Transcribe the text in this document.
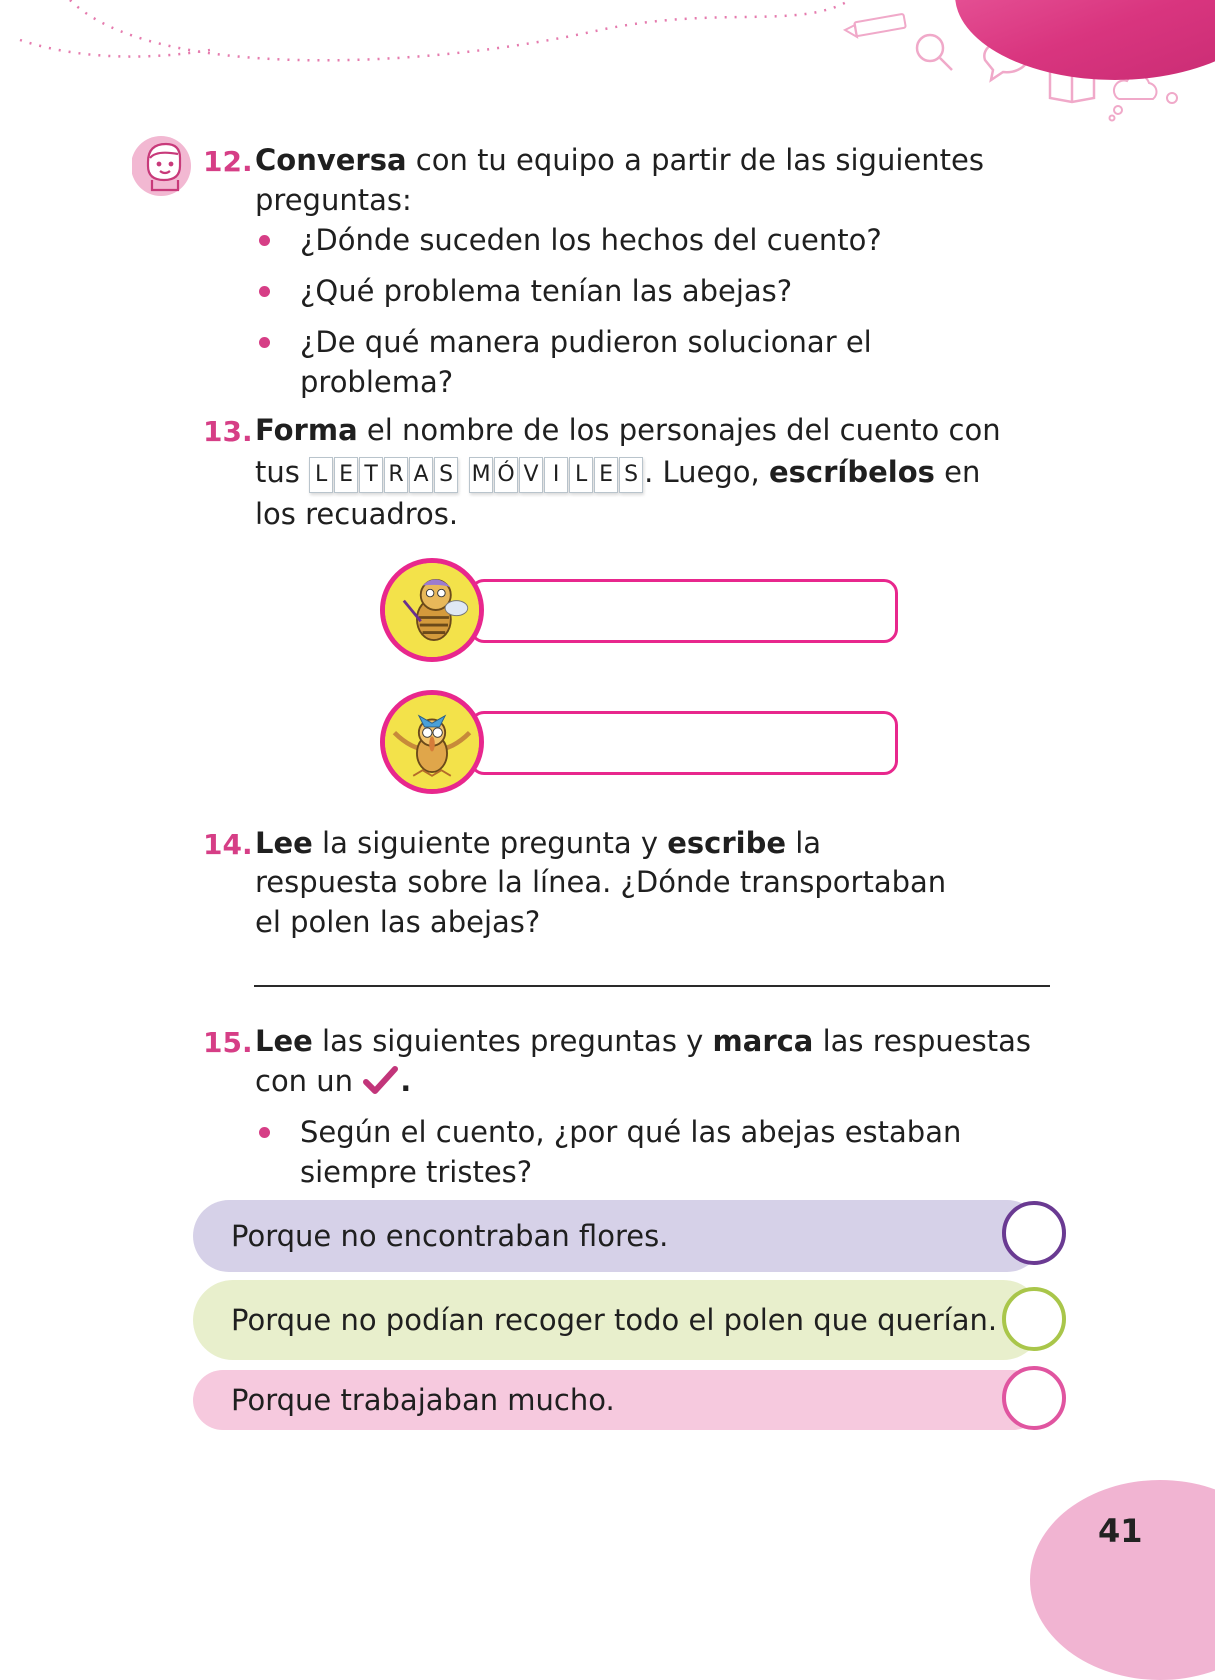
12. Conversa con tu equipo a partir de las siguientes preguntas:
¿Dónde suceden los hechos del cuento?
¿Qué problema tenían las abejas?
¿De qué manera pudieron solucionar el problema?
13. Forma el nombre de los personajes del cuento con
tus L E T R A S M Ó V I L E S . Luego, escríbelos en
los recuadros.
14. Lee la siguiente pregunta y escribe la
respuesta sobre la línea. ¿Dónde transportaban
el polen las abejas?
15. Lee las siguientes preguntas y marca las respuestas
con un .
Según el cuento, ¿por qué las abejas estaban siempre tristes?
Porque no encontraban flores.
Porque no podían recoger todo el polen que querían.
Porque trabajaban mucho.
41
